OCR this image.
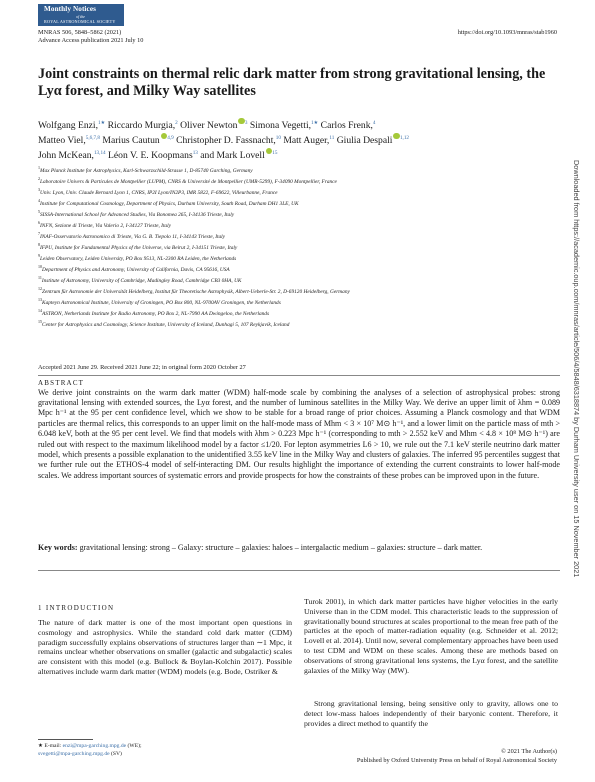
Monthly Notices
of the
ROYAL ASTRONOMICAL SOCIETY
MNRAS 506, 5848–5862 (2021)
Advance Access publication 2021 July 10
https://doi.org/10.1093/mnras/stab1960
Joint constraints on thermal relic dark matter from strong gravitational lensing, the Lyα forest, and Milky Way satellites
Wolfgang Enzi,$^{1★}$ Riccardo Murgia,$^2$ Oliver Newton $^3$ Simona Vegetti,$^{1★}$ Carlos Frenk,$^4$
Matteo Viel,$^{5,6,7,8}$ Marius Cautun $^{4,9}$ Christopher D. Fassnacht,$^{10}$ Matt Auger,$^{11}$ Giulia Despali $^{1,12}$
John McKean,$^{13,14}$ Léon V. E. Koopmans$^{13}$ and Mark Lovell $^{15}$
$^1$Max Planck Institute for Astrophysics, Karl-Schwarzschild-Strasse 1, D-85740 Garching, Germany
$^2$Laboratoire Univers & Particules de Montpellier (LUPM), CNRS & Université de Montpellier (UMR-5299), F-34090 Montpellier, France
$^3$Univ. Lyon, Univ. Claude Bernard Lyon 1, CNRS, IP2I Lyon/IN2P3, IMR 5822, F-69622, Villeurbanne, France
$^4$Institute for Computational Cosmology, Department of Physics, Durham University, South Road, Durham DH1 3LE, UK
$^5$SISSA-International School for Advanced Studies, Via Bonomea 265, I-34136 Trieste, Italy
$^6$INFN, Sezione di Trieste, Via Valerio 2, I-34127 Trieste, Italy
$^7$INAF-Osservatorio Astronomico di Trieste, Via G. B. Tiepolo 11, I-34143 Trieste, Italy
$^8$IFPU, Institute for Fundamental Physics of the Universe, via Beirut 2, I-34151 Trieste, Italy
$^9$Leiden Observatory, Leiden University, PO Box 9513, NL-2300 RA Leiden, the Netherlands
$^{10}$Department of Physics and Astronomy, University of California, Davis, CA 95616, USA
$^{11}$Institute of Astronomy, University of Cambridge, Madingley Road, Cambridge CB3 0HA, UK
$^{12}$Zentrum für Astronomie der Universität Heidelberg, Institut für Theoretische Astrophysik, Albert-Ueberle-Str. 2, D-69120 Heidelberg, Germany
$^{13}$Kapteyn Astronomical Institute, University of Groningen, PO Box 800, NL-9700AV Groningen, the Netherlands
$^{14}$ASTRON, Netherlands Institute for Radio Astronomy, PO Box 2, NL-7990 AA Dwingeloo, the Netherlands
$^{15}$Center for Astrophysics and Cosmology, Science Institute, University of Iceland, Dunhagi 5, 107 Reykjavík, Iceland
Accepted 2021 June 29. Received 2021 June 22; in original form 2020 October 27
ABSTRACT

We derive joint constraints on the warm dark matter (WDM) half-mode scale by combining the analyses of a selection of astrophysical probes: strong gravitational lensing with extended sources, the Lyα forest, and the number of luminous satellites in the Milky Way. We derive an upper limit of λhm = 0.089 Mpc h⁻¹ at the 95 per cent confidence level, which we show to be stable for a broad range of prior choices. Assuming a Planck cosmology and that WDM particles are thermal relics, this corresponds to an upper limit on the half-mode mass of Mhm < 3 × 10⁷ M⊙ h⁻¹, and a lower limit on the particle mass of mth > 6.048 keV, both at the 95 per cent level. We find that models with λhm > 0.223 Mpc h⁻¹ (corresponding to mth > 2.552 keV and Mhm < 4.8 × 10⁸ M⊙ h⁻¹) are ruled out with respect to the maximum likelihood model by a factor ≤1/20. For lepton asymmetries L6 > 10, we rule out the 7.1 keV sterile neutrino dark matter model, which presents a possible explanation to the unidentified 3.55 keV line in the Milky Way and clusters of galaxies. The inferred 95 percentiles suggest that we further rule out the ETHOS-4 model of self-interacting DM. Our results highlight the importance of extending the current constraints to lower half-mode scales. We address important sources of systematic errors and provide prospects for how the constraints of these probes can be improved upon in the future.

Key words: gravitational lensing: strong – Galaxy: structure – galaxies: haloes – intergalactic medium – galaxies: structure – dark matter.
1 INTRODUCTION

The nature of dark matter is one of the most important open questions in cosmology and astrophysics. While the standard cold dark matter (CDM) paradigm successfully explains observations of structures larger than ∼1 Mpc, it remains unclear whether observations on smaller (galactic and subgalactic) scales are consistent with this model (e.g. Bullock & Boylan-Kolchin 2017). Possible alternatives include warm dark matter (WDM) models (e.g. Bode, Ostriker &

Turok 2001), in which dark matter particles have higher velocities in the early Universe than in the CDM model. This characteristic leads to the suppression of gravitationally bound structures at scales proportional to the mean free path of the particles at the epoch of matter-radiation equality (e.g. Schneider et al. 2012; Lovell et al. 2014). Until now, several complementary approaches have been used to test CDM and WDM on these scales. Among these are methods based on observations of strong gravitational lens systems, the Lyα forest, and the satellite galaxies of the Milky Way (MW).

Strong gravitational lensing, being sensitive only to gravity, allows one to detect low-mass haloes independently of their baryonic content. Therefore, it provides a direct method to quantify the

★ E-mail: enzi@mpa-garching.mpg.de (WE);
svegetti@mpa-garching.mpg.de (SV)	© 2021 The Author(s)
Published by Oxford University Press on behalf of Royal Astronomical Society
Downloaded from https://academic.oup.com/mnras/article/506/4/5848/6318874 by Durham University user on 15 November 2021
